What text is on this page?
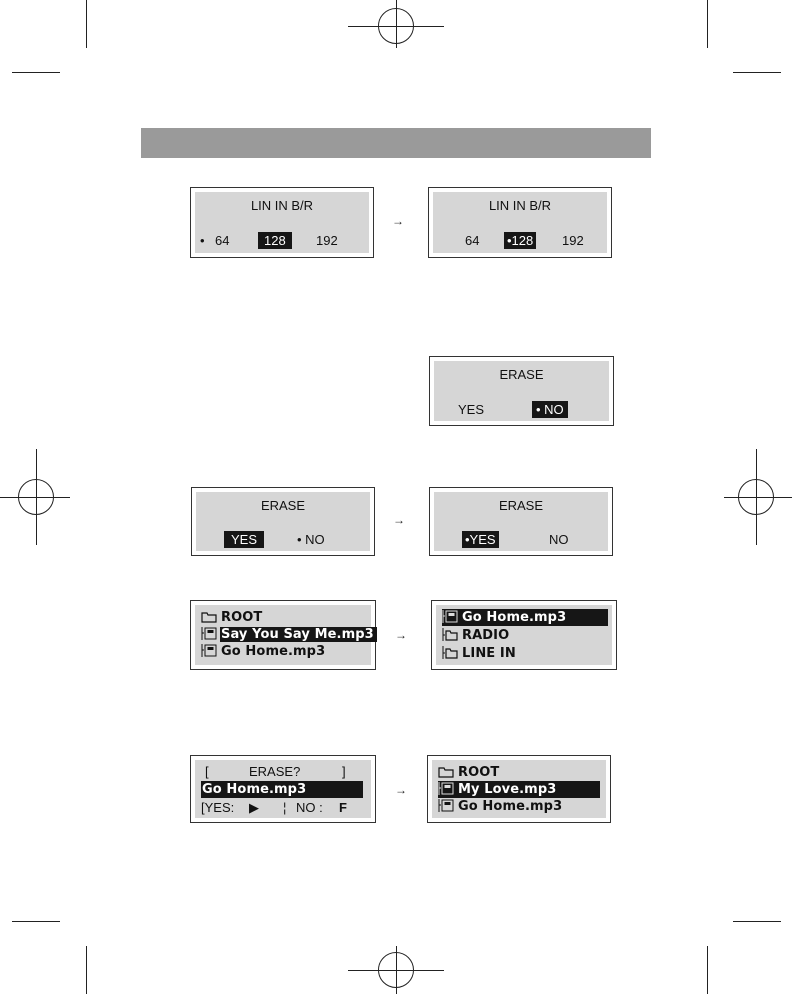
LIN IN B/R
• 64	128	192
→
LIN IN B/R
64 •128 192
ERASE
YES	• NO
ERASE
YES	• NO
→
ERASE
•YES	NO
ROOT
Say You Say Me.mp3
Go Home.mp3
→
Go Home.mp3
RADIO
LINE IN
[	ERASE?	]
Go Home.mp3
[YES: ▶ ¦ NO : F
→
ROOT
My Love.mp3
Go Home.mp3
